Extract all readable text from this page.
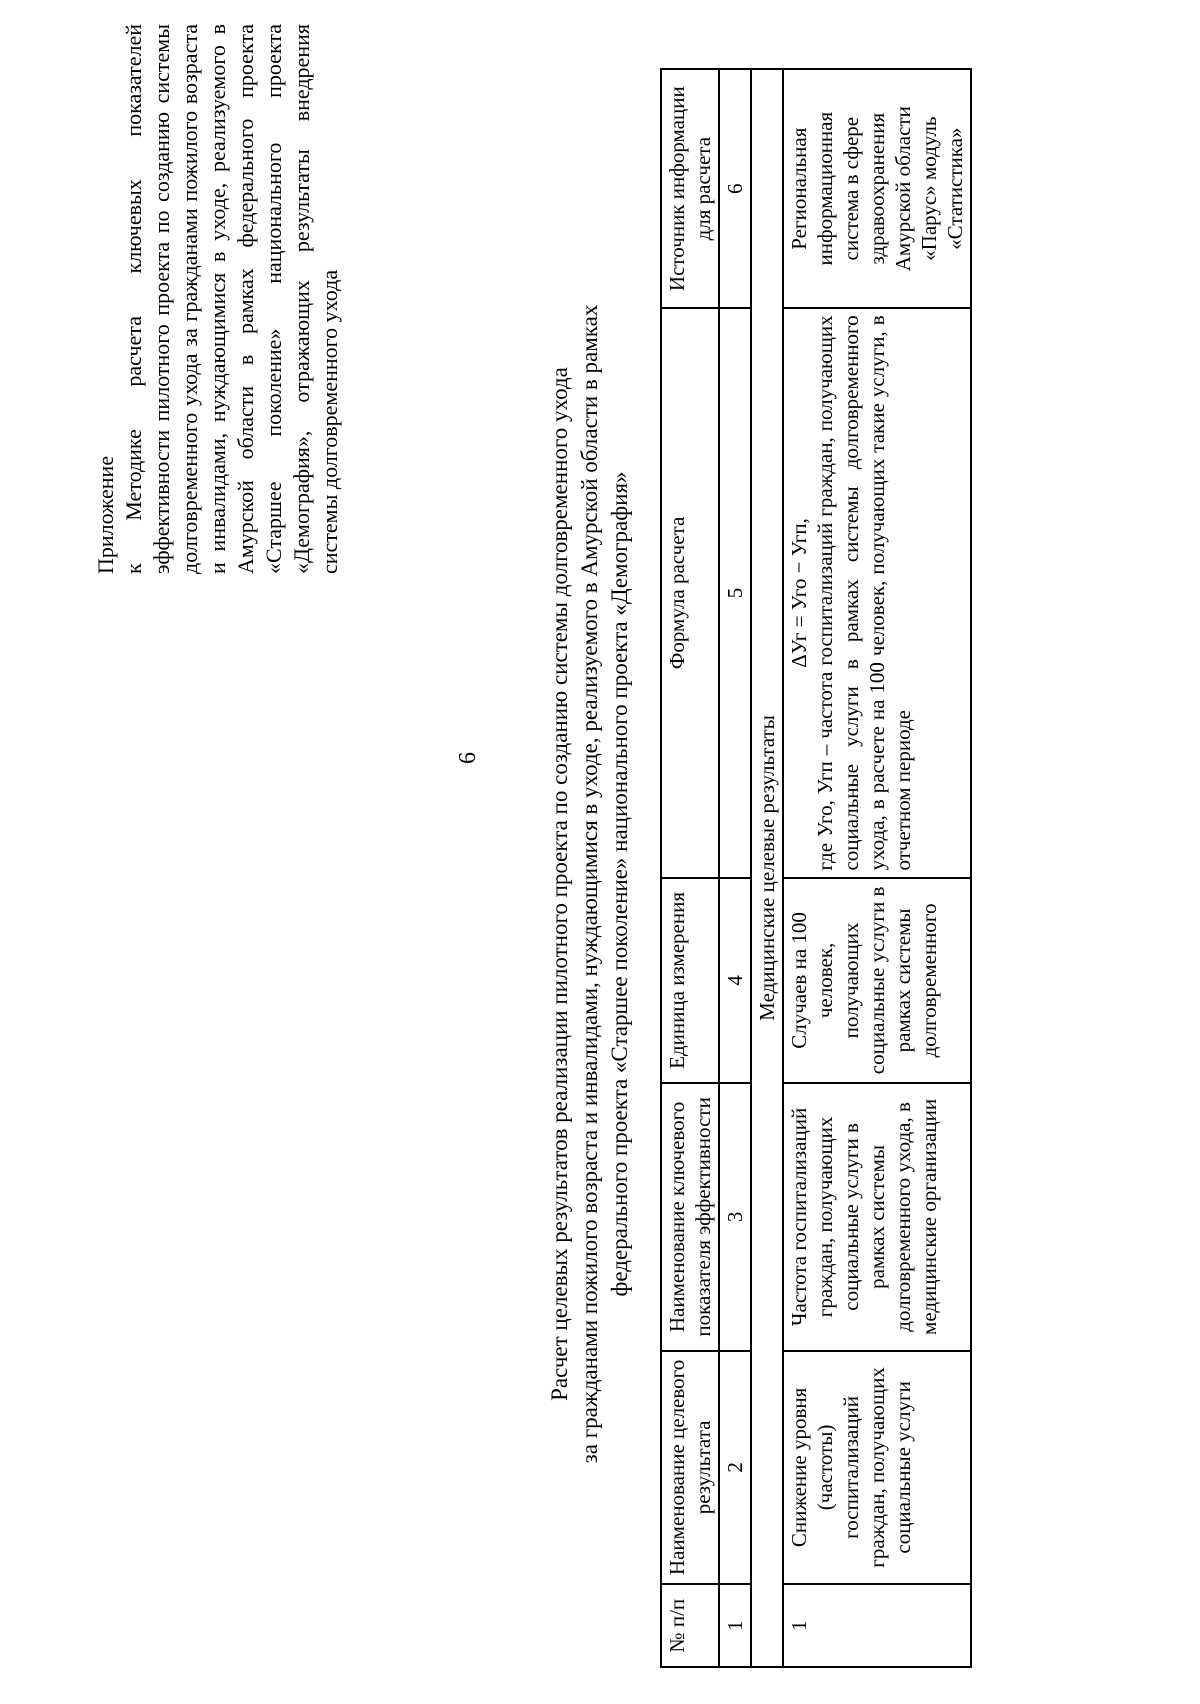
6
Приложение к Методике расчета ключевых показателей эффективности пилотного проекта по созданию системы долговременного ухода за гражданами пожилого возраста и инвалидами, нуждающимися в уходе, реализуемого в Амурской области в рамках федерального проекта «Старшее поколение» национального проекта «Демография», отражающих результаты внедрения системы долговременного ухода	Расчет целевых результатов реализации пилотного проекта по созданию системы долговременного ухода за гражданами пожилого возраста и инвалидами, нуждающимися в уходе, реализуемого в Амурской области в рамках федерального проекта «Старшее поколение» национального проекта «Демография»
№ п/п	Наименование целевого результата	Наименование ключевого показателя эффективности	Единица измерения	Формула расчета	Источник информации для расчета
1	2	3	4	5	6
Медицинские целевые результаты					
1	Снижение уровня (частоты) госпитализаций граждан, получающих социальные услуги	Частота госпитализаций граждан, получающих социальные услуги в рамках системы долговременного ухода, в медицинские организации	Случаев на 100 человек, получающих социальные услуги в рамках системы долговременного	ΔУг = Уго − Угп, где Уго, Угп – частота госпитализаций граждан, получающих социальные услуги в рамках системы долговременного ухода, в расчете на 100 человек, получающих такие услуги, в отчетном периоде	Региональная информационная система в сфере здравоохранения Амурской области «Парус» модуль «Статистика»
